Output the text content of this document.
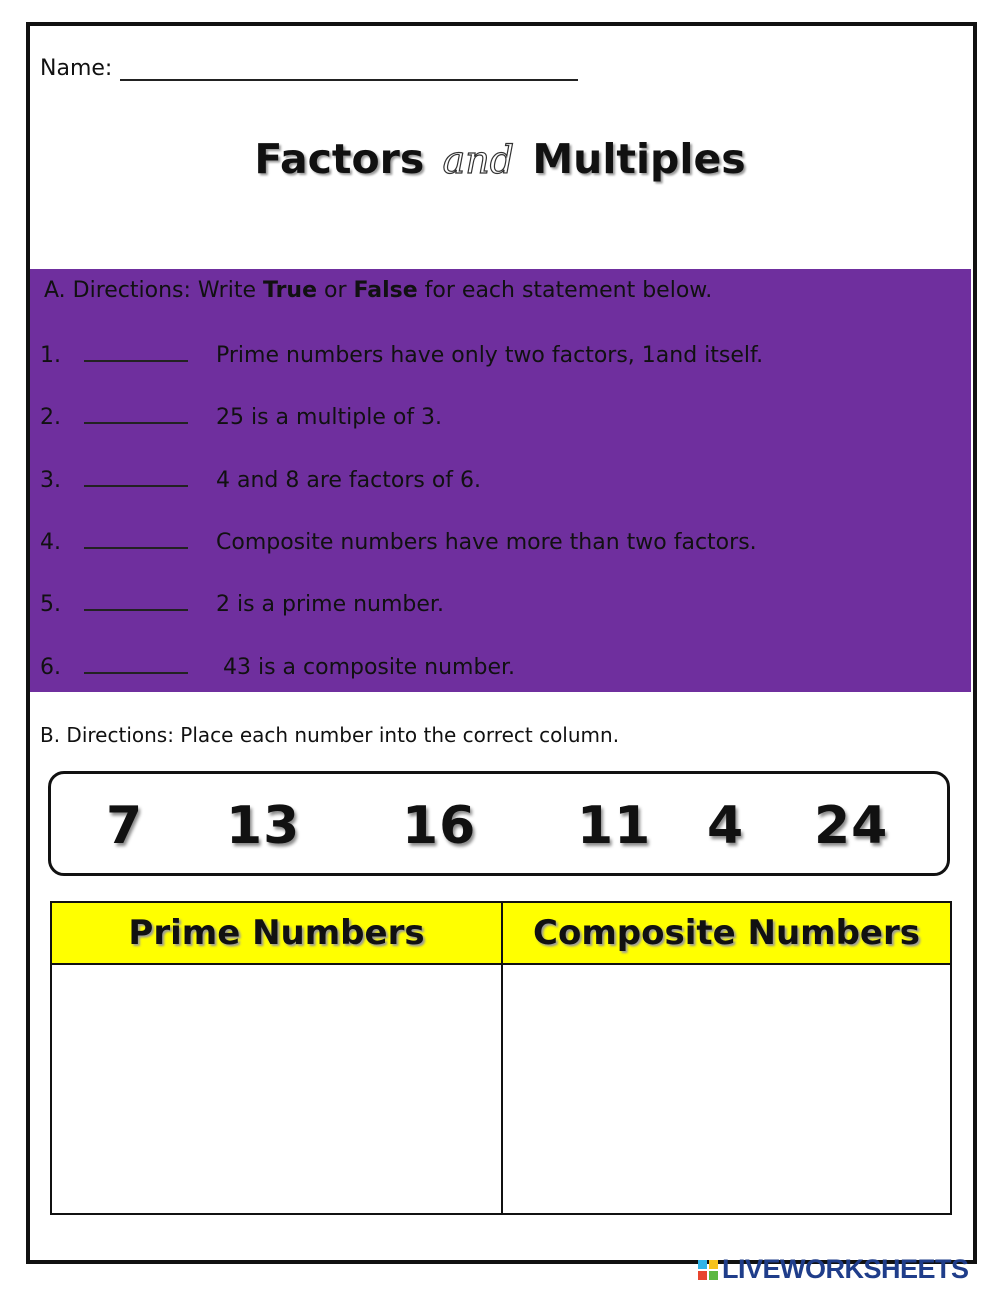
Name:
Factors and Multiples
A. Directions: Write True or False for each statement below.
1.	Prime numbers have only two factors, 1and itself.
2.	25 is a multiple of 3.
3.	4 and 8 are factors of 6.
4.	Composite numbers have more than two factors.
5.	2 is a prime number.
6.	43 is a composite number.
B. Directions: Place each number into the correct column.
7 13 16 11 4 24
Prime Numbers	Composite Numbers
LIVEWORKSHEETS
